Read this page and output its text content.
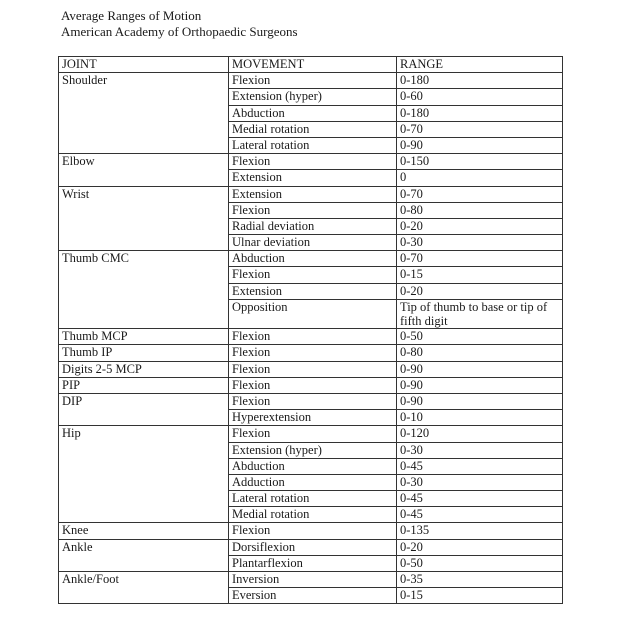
Average Ranges of Motion
American Academy of Orthopaedic Surgeons
JOINT	MOVEMENT	RANGE
Shoulder	Flexion	0-180
	Extension (hyper)	0-60
	Abduction	0-180
	Medial rotation	0-70
	Lateral rotation	0-90
Elbow	Flexion	0-150
	Extension	0
Wrist	Extension	0-70
	Flexion	0-80
	Radial deviation	0-20
	Ulnar deviation	0-30
Thumb CMC	Abduction	0-70
	Flexion	0-15
	Extension	0-20
	Opposition	Tip of thumb to base or tip of fifth digit
Thumb MCP	Flexion	0-50
Thumb IP	Flexion	0-80
Digits 2-5 MCP	Flexion	0-90
PIP	Flexion	0-90
DIP	Flexion	0-90
	Hyperextension	0-10
Hip	Flexion	0-120
	Extension (hyper)	0-30
	Abduction	0-45
	Adduction	0-30
	Lateral rotation	0-45
	Medial rotation	0-45
Knee	Flexion	0-135
Ankle	Dorsiflexion	0-20
	Plantarflexion	0-50
Ankle/Foot	Inversion	0-35
	Eversion	0-15
